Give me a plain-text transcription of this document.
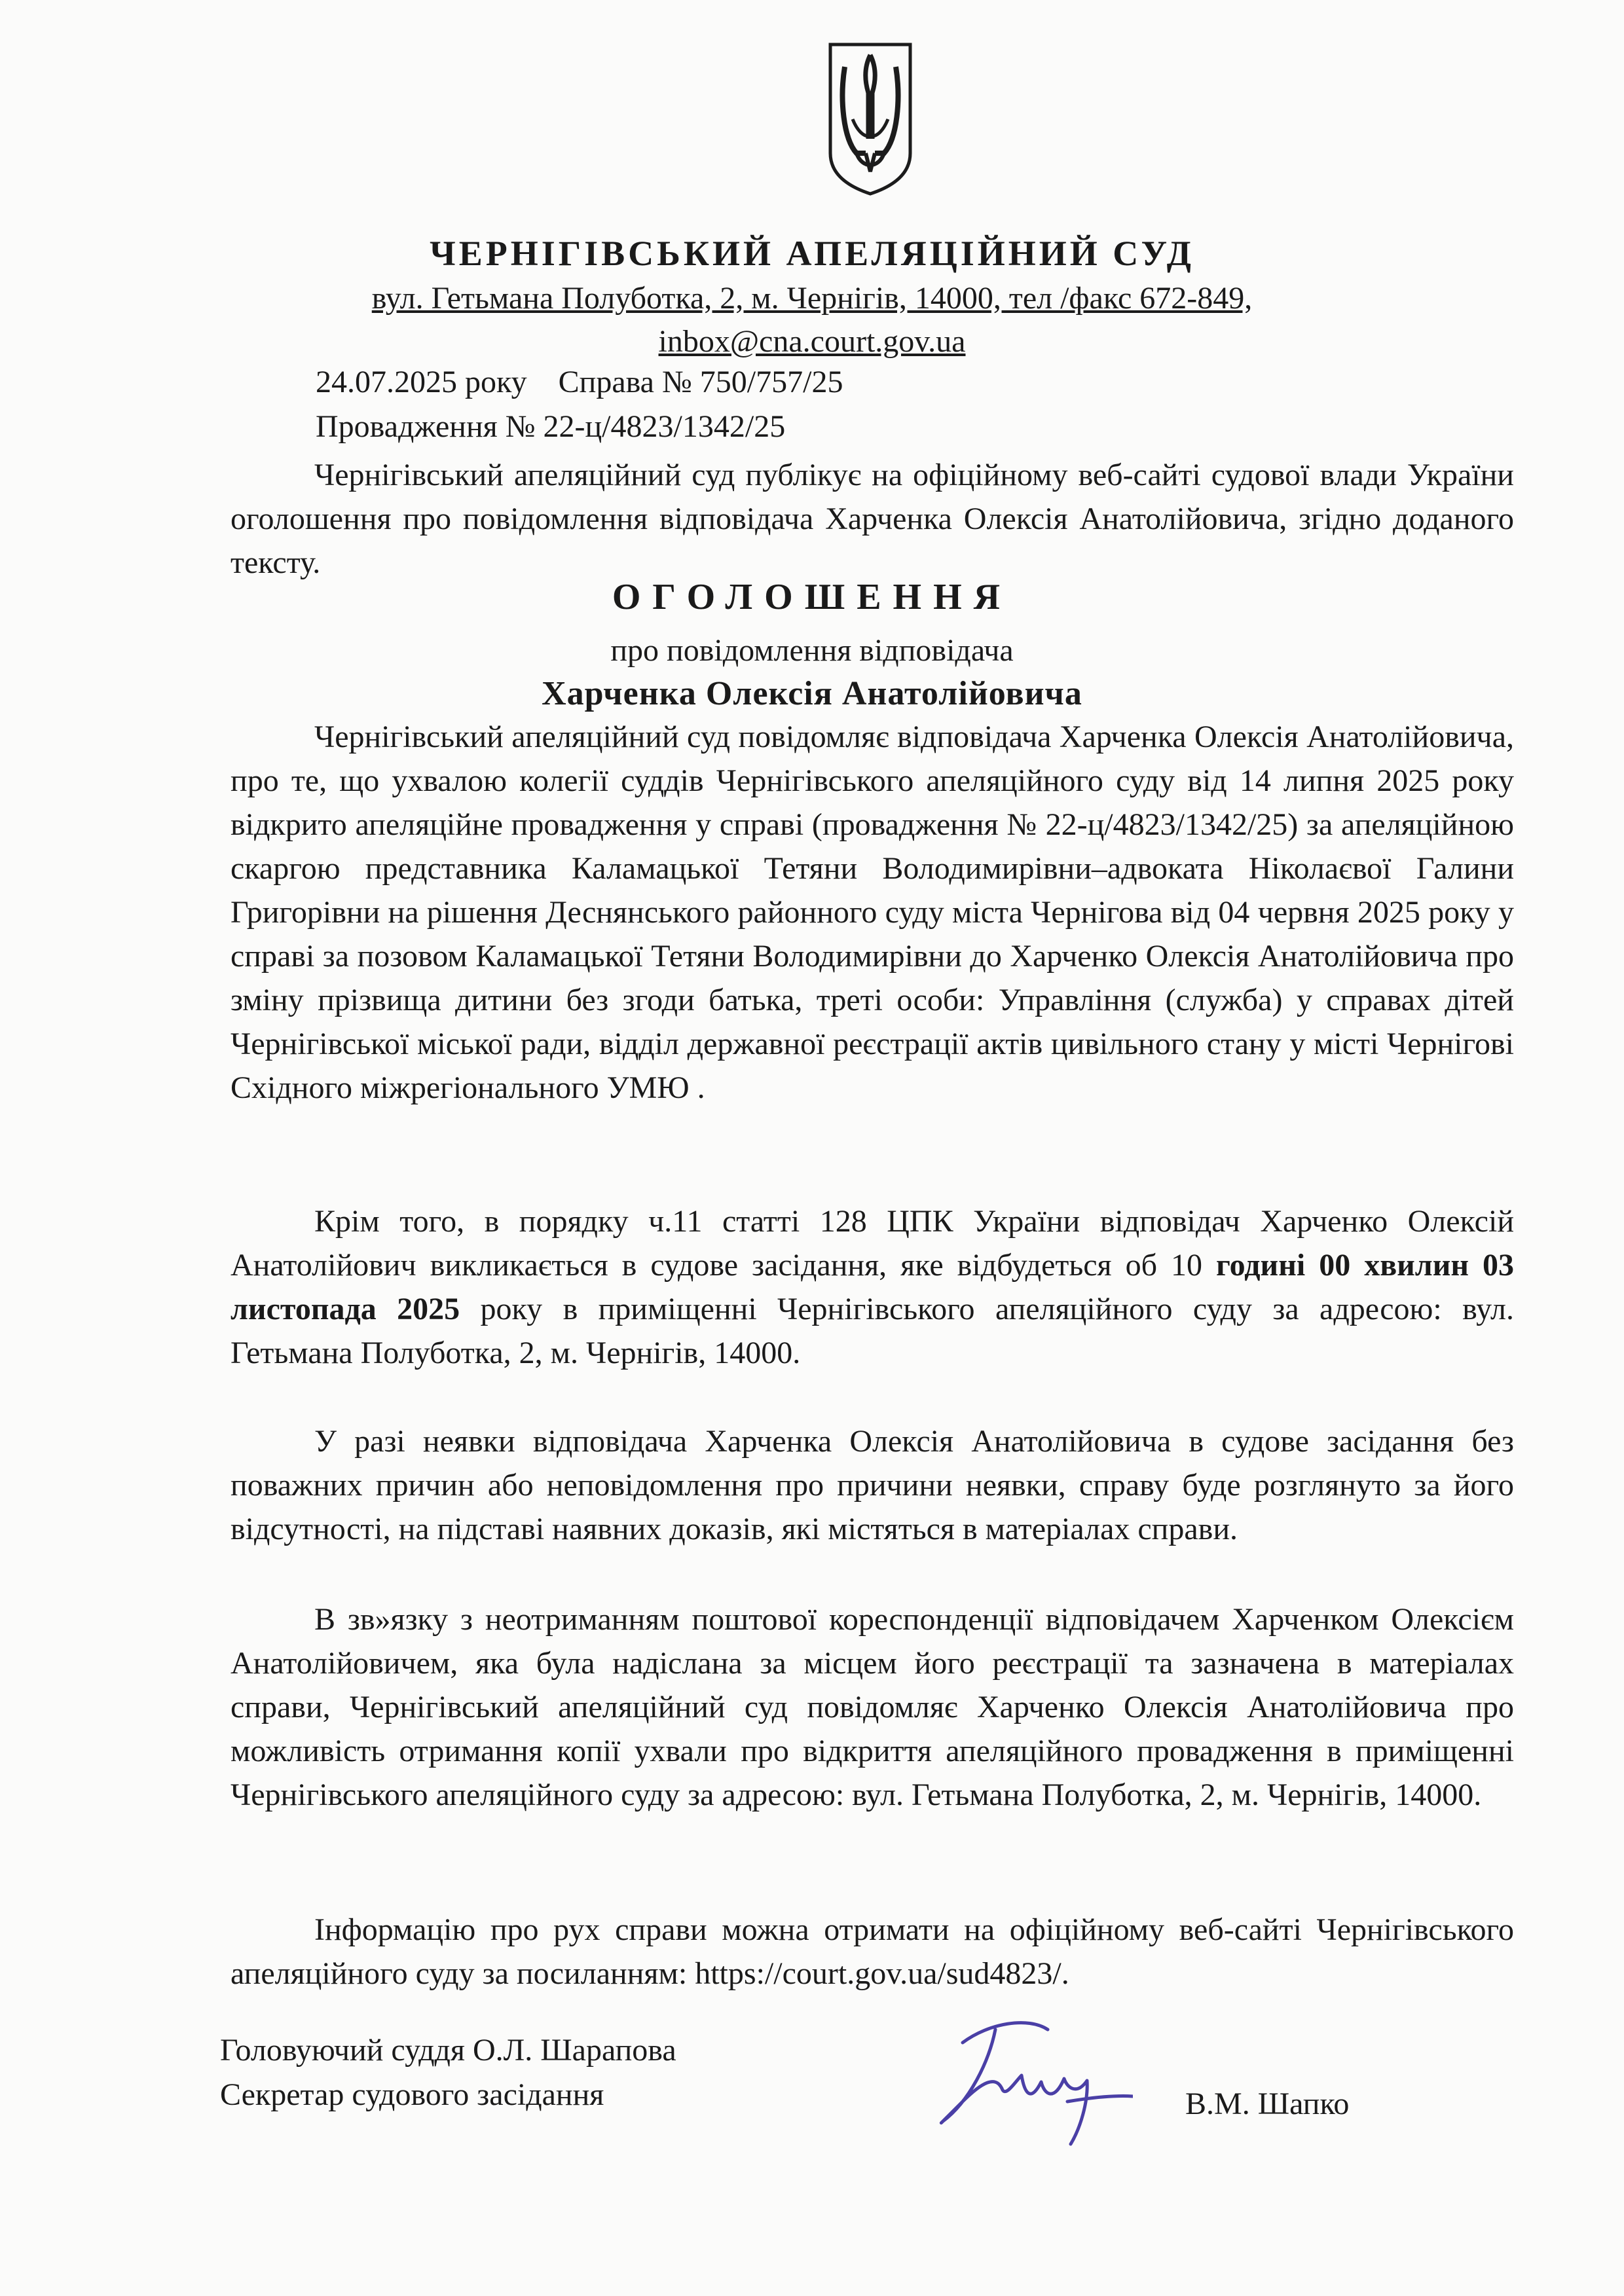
ЧЕРНІГІВСЬКИЙ АПЕЛЯЦІЙНИЙ СУД

вул. Гетьмана Полуботка, 2, м. Чернігів, 14000, тел /факс 672-849,

inbox@cna.court.gov.ua

24.07.2025 року    Справа № 750/757/25

Провадження № 22-ц/4823/1342/25

Чернігівський апеляційний суд публікує на офіційному веб-сайті судової влади України оголошення про повідомлення відповідача Харченка Олексія Анатолійовича, згідно доданого тексту.

ОГОЛОШЕННЯ

про повідомлення відповідача

Харченка Олексія Анатолійовича

Чернігівський апеляційний суд повідомляє відповідача Харченка Олексія Анатолійовича, про те, що ухвалою колегії суддів Чернігівського апеляційного суду від 14 липня 2025 року відкрито апеляційне провадження у справі (провадження № 22-ц/4823/1342/25) за апеляційною скаргою представника Каламацької Тетяни Володимирівни–адвоката Ніколаєвої Галини Григорівни на рішення Деснянського районного суду міста Чернігова від 04 червня 2025 року у справі за позовом Каламацької Тетяни Володимирівни до Харченко Олексія Анатолійовича про зміну прізвища дитини без згоди батька, треті особи: Управління (служба) у справах дітей Чернігівської міської ради, відділ державної реєстрації актів цивільного стану у місті Чернігові Східного міжрегіонального УМЮ .

Крім того, в порядку ч.11 статті 128 ЦПК України відповідач Харченко Олексій Анатолійович викликається в судове засідання, яке відбудеться об 10 годині 00 хвилин 03 листопада 2025 року в приміщенні Чернігівського апеляційного суду за адресою: вул. Гетьмана Полуботка, 2, м. Чернігів, 14000.

У разі неявки відповідача Харченка Олексія Анатолійовича в судове засідання без поважних причин або неповідомлення про причини неявки, справу буде розглянуто за його відсутності, на підставі наявних доказів, які містяться в матеріалах справи.

В зв»язку з неотриманням поштової кореспонденції відповідачем Харченком Олексієм Анатолійовичем, яка була надіслана за місцем його реєстрації та зазначена в матеріалах справи, Чернігівський апеляційний суд повідомляє Харченко Олексія Анатолійовича про можливість отримання копії ухвали про відкриття апеляційного провадження в приміщенні Чернігівського апеляційного суду за адресою: вул. Гетьмана Полуботка, 2, м. Чернігів, 14000.

Інформацію про рух справи можна отримати на офіційному веб-сайті Чернігівського апеляційного суду за посиланням: https://court.gov.ua/sud4823/.

Головуючий суддя О.Л. Шарапова
Секретар судового засідання	В.М. Шапко
